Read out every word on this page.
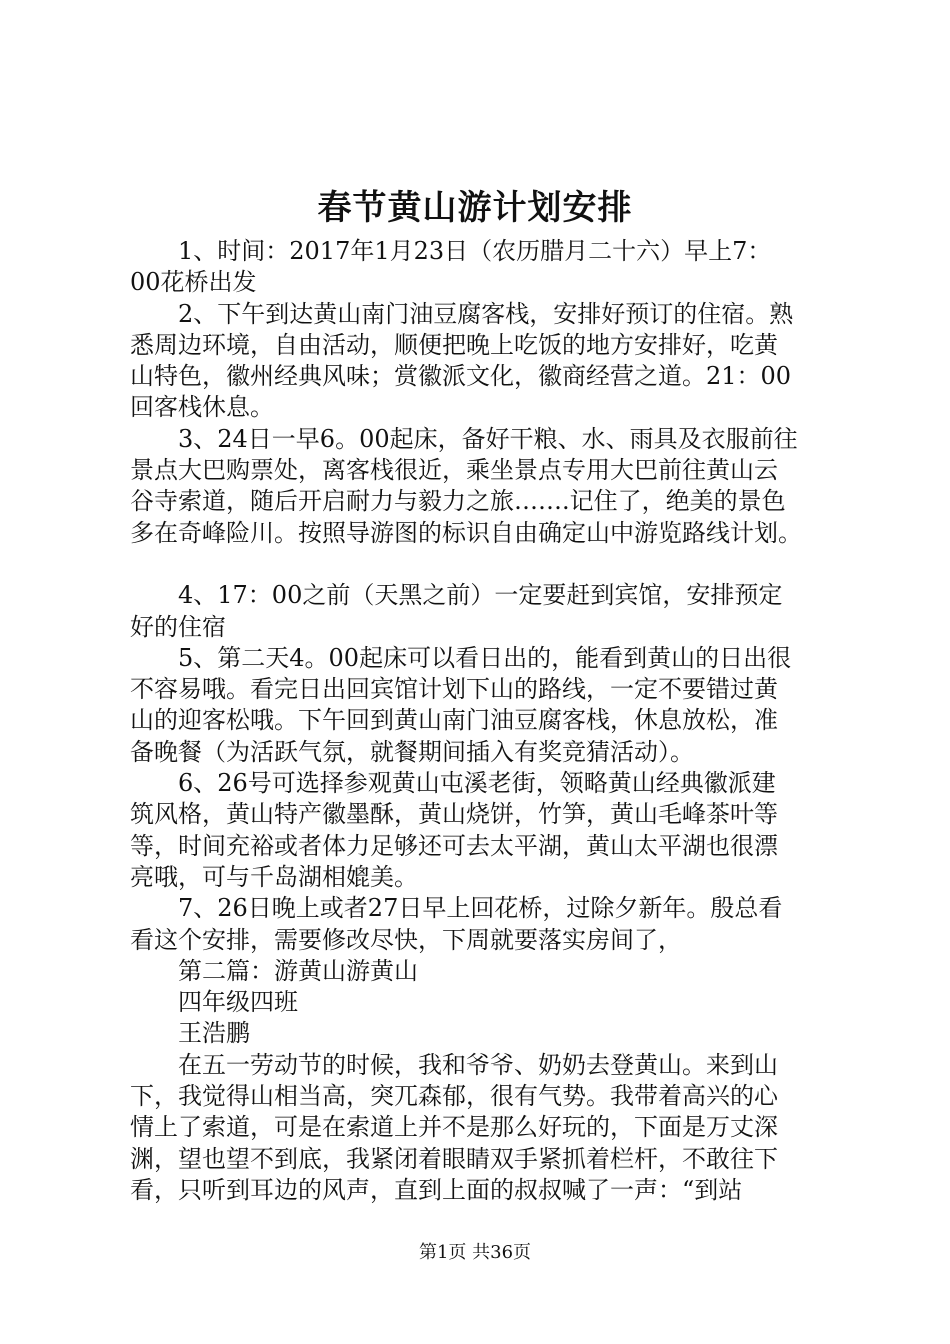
春节黄山游计划安排

1、时间：2017年1月23日（农历腊月二十六）早上7：

00花桥出发

2、下午到达黄山南门油豆腐客栈，安排好预订的住宿。熟

悉周边环境，自由活动，顺便把晚上吃饭的地方安排好，吃黄

山特色，徽州经典风味；赏徽派文化，徽商经营之道。21：00

回客栈休息。

3、24日一早6。00起床，备好干粮、水、雨具及衣服前往

景点大巴购票处，离客栈很近，乘坐景点专用大巴前往黄山云

谷寺索道，随后开启耐力与毅力之旅…….记住了，绝美的景色

多在奇峰险川。按照导游图的标识自由确定山中游览路线计划。

4、17：00之前（天黑之前）一定要赶到宾馆，安排预定

好的住宿

5、第二天4。00起床可以看日出的，能看到黄山的日出很

不容易哦。看完日出回宾馆计划下山的路线，一定不要错过黄

山的迎客松哦。下午回到黄山南门油豆腐客栈，休息放松，准

备晚餐（为活跃气氛，就餐期间插入有奖竞猜活动）。

6、26号可选择参观黄山屯溪老街，领略黄山经典徽派建

筑风格，黄山特产徽墨酥，黄山烧饼，竹笋，黄山毛峰茶叶等

等，时间充裕或者体力足够还可去太平湖，黄山太平湖也很漂

亮哦，可与千岛湖相媲美。

7、26日晚上或者27日早上回花桥，过除夕新年。殷总看

看这个安排，需要修改尽快，下周就要落实房间了，

第二篇：游黄山游黄山

四年级四班

王浩鹏

在五一劳动节的时候，我和爷爷、奶奶去登黄山。来到山

下，我觉得山相当高，突兀森郁，很有气势。我带着高兴的心

情上了索道，可是在索道上并不是那么好玩的，下面是万丈深

渊，望也望不到底，我紧闭着眼睛双手紧抓着栏杆，不敢往下

看，只听到耳边的风声，直到上面的叔叔喊了一声：“到站

第1页 共36页
